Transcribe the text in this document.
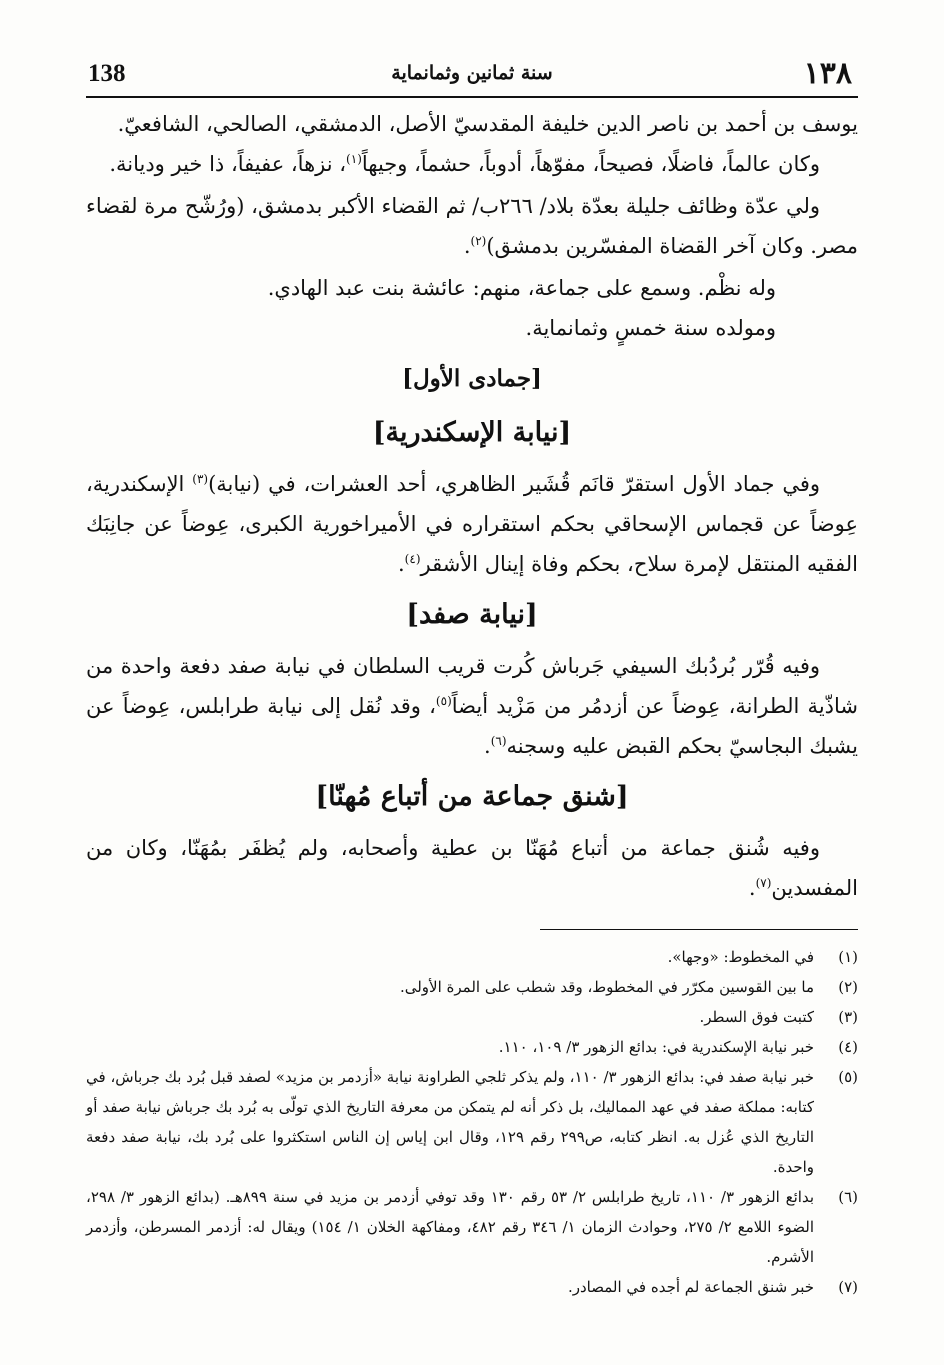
١٣٨
سنة ثمانين وثمانماية
138

يوسف بن أحمد بن ناصر الدين خليفة المقدسيّ الأصل، الدمشقي، الصالحي، الشافعيّ.

وكان عالماً، فاضلًا، فصيحاً، مفوّهاً، أدوباً، حشماً، وجيهاً$^{(١)}$، نزهاً، عفيفاً، ذا خير وديانة.

ولي عدّة وظائف جليلة بعدّة بلاد/ ٢٦٦ب/ ثم القضاء الأكبر بدمشق، (ورُشّح مرة لقضاء مصر. وكان آخر القضاة المفسّرين بدمشق)$^{(٢)}$.

وله نظْم. وسمع على جماعة، منهم: عائشة بنت عبد الهادي.

ومولده سنة خمسٍ وثمانماية.

[جمادى الأول]

[نيابة الإسكندرية]

وفي جماد الأول استقرّ قانَم قُشَير الظاهري، أحد العشرات، في (نيابة)$^{(٣)}$ الإسكندرية، عِوضاً عن قجماس الإسحاقي بحكم استقراره في الأميراخورية الكبرى، عِوضاً عن جانِبَك الفقيه المنتقل لإمرة سلاح، بحكم وفاة إينال الأشقر$^{(٤)}$.

[نيابة صفد]

وفيه قُرّر بُردُبك السيفي جَرباش كُرت قريب السلطان في نيابة صفد دفعة واحدة من شاذّية الطرانة، عِوضاً عن أزدمُر من مَزْيد أيضاً$^{(٥)}$، وقد نُقل إلى نيابة طرابلس، عِوضاً عن يشبك البجاسيّ بحكم القبض عليه وسجنه$^{(٦)}$.

[شنق جماعة من أتباع مُهنّا]

وفيه شُنق جماعة من أتباع مُهَنّا بن عطية وأصحابه، ولم يُظفَر بمُهَنّا، وكان من المفسدين$^{(٧)}$.

(١)
في المخطوط: «وجها».
(٢)
ما بين القوسين مكرّر في المخطوط، وقد شطب على المرة الأولى.
(٣)
كتبت فوق السطر.
(٤)
خبر نيابة الإسكندرية في: بدائع الزهور ٣/ ١٠٩، ١١٠.
(٥)
خبر نيابة صفد في: بدائع الزهور ٣/ ١١٠، ولم يذكر ثلجي الطراونة نيابة «أزدمر بن مزيد» لصفد قبل بُرد بك جرباش، في كتابه: مملكة صفد في عهد المماليك، بل ذكر أنه لم يتمكن من معرفة التاريخ الذي تولّى به بُرد بك جرباش نيابة صفد أو التاريخ الذي عُزل به. انظر كتابه، ص٢٩٩ رقم ١٢٩، وقال ابن إياس إن الناس استكثروا على بُرد بك، نيابة صفد دفعة واحدة.
(٦)
بدائع الزهور ٣/ ١١٠، تاريخ طرابلس ٢/ ٥٣ رقم ١٣٠ وقد توفي أزدمر بن مزيد في سنة ٨٩٩هـ. (بدائع الزهور ٣/ ٢٩٨، الضوء اللامع ٢/ ٢٧٥، وحوادث الزمان ١/ ٣٤٦ رقم ٤٨٢، ومفاكهة الخلان ١/ ١٥٤) ويقال له: أزدمر المسرطن، وأزدمر الأشرم.
(٧)
خبر شنق الجماعة لم أجده في المصادر.
